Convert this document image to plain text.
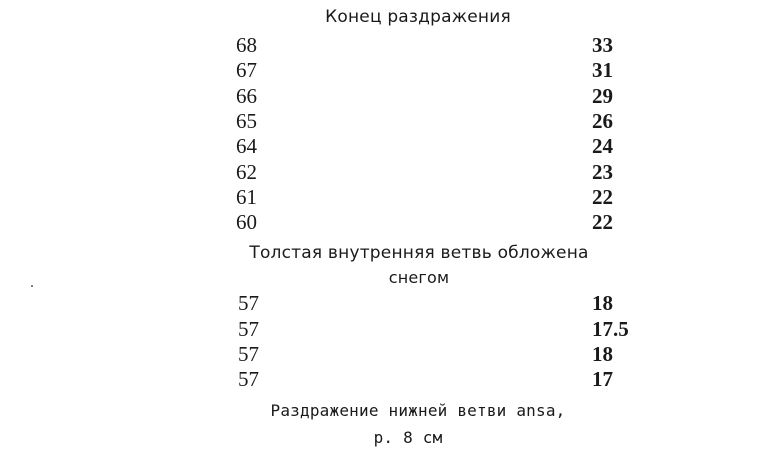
Конец раздражения
68	33
67	31
66	29
65	26
64	24
62	23
61	22
60	22
Толстая внутренняя ветвь обложена
снегом
57	18
57	17.5
57	18
57	17
Раздражение нижней ветви ansa,
p. 8 см
